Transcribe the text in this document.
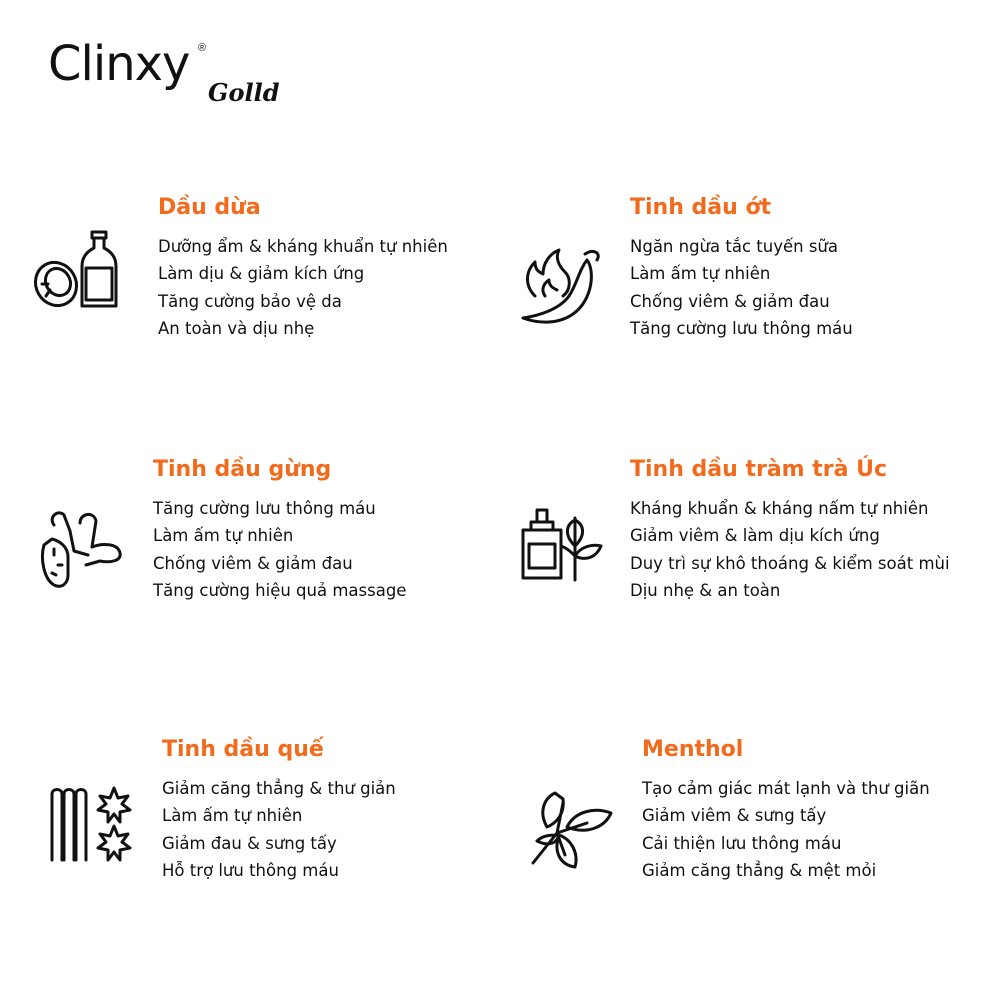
Clinxy ®
Golld
Dầu dừa
Dưỡng ẩm & kháng khuẩn tự nhiên
Làm dịu & giảm kích ứng
Tăng cường bảo vệ da
An toàn và dịu nhẹ
Tinh dầu ớt
Ngăn ngừa tắc tuyến sữa
Làm ấm tự nhiên
Chống viêm & giảm đau
Tăng cường lưu thông máu
Tinh dầu gừng
Tăng cường lưu thông máu
Làm ấm tự nhiên
Chống viêm & giảm đau
Tăng cường hiệu quả massage
Tinh dầu tràm trà Úc
Kháng khuẩn & kháng nấm tự nhiên
Giảm viêm & làm dịu kích ứng
Duy trì sự khô thoáng & kiểm soát mùi
Dịu nhẹ & an toàn
Tinh dầu quế
Giảm căng thẳng & thư giản
Làm ấm tự nhiên
Giảm đau & sưng tấy
Hỗ trợ lưu thông máu
Menthol
Tạo cảm giác mát lạnh và thư giãn
Giảm viêm & sưng tấy
Cải thiện lưu thông máu
Giảm căng thẳng & mệt mỏi
